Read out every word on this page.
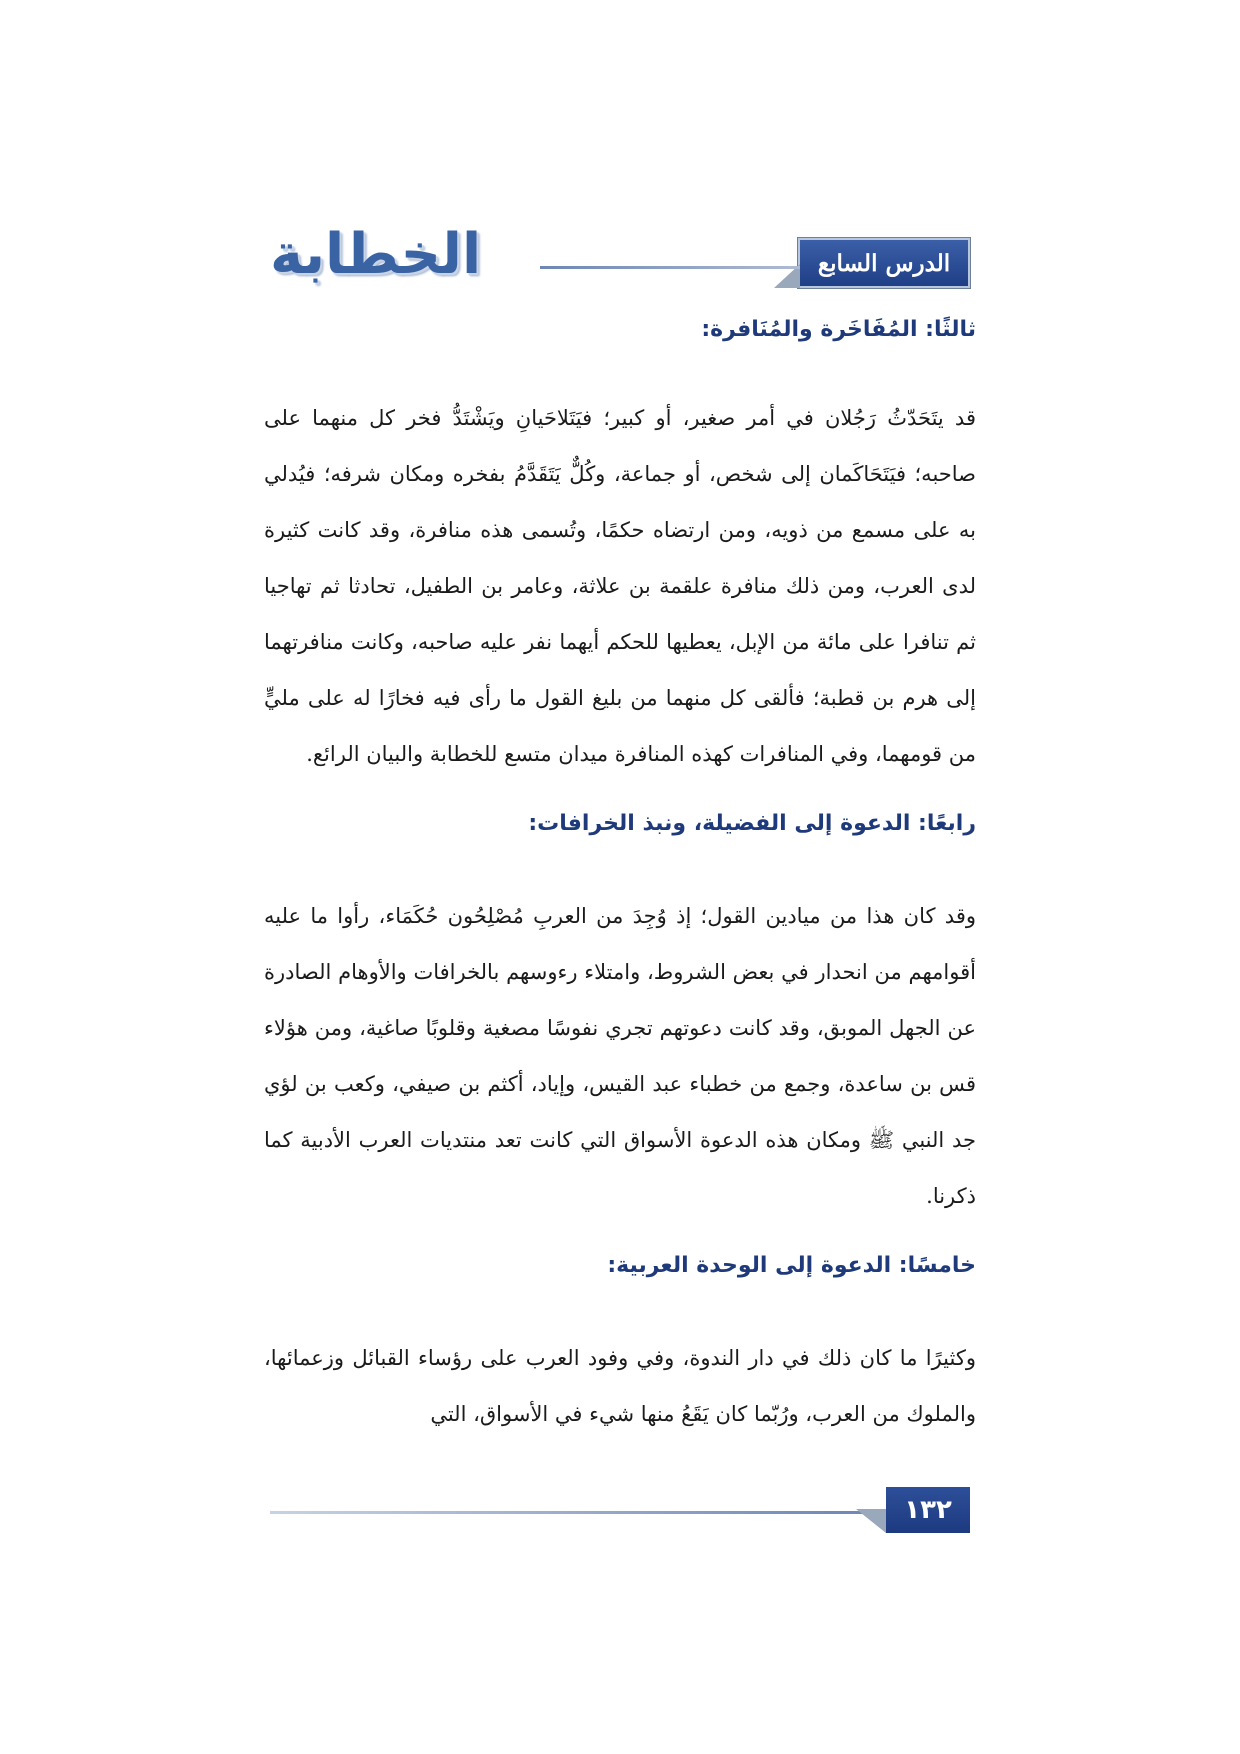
الدرس السابع
الخطابة
ثالثًا: المُفَاخَرة والمُنَافرة:

قد يتَحَدّثُ رَجُلان في أمر صغير، أو كبير؛ فيَتَلاحَيانِ ويَشْتَدُّ فخر كل منهما على صاحبه؛ فيَتَحَاكَمان إلى شخص، أو جماعة، وكُلٌّ يَتَقَدَّمُ بفخره ومكان شرفه؛ فيُدلي به على مسمع من ذويه، ومن ارتضاه حكمًا، وتُسمى هذه منافرة، وقد كانت كثيرة لدى العرب، ومن ذلك منافرة علقمة بن علاثة، وعامر بن الطفيل، تحادثا ثم تهاجيا ثم تنافرا على مائة من الإبل، يعطيها للحكم أيهما نفر عليه صاحبه، وكانت منافرتهما إلى هرم بن قطبة؛ فألقى كل منهما من بليغ القول ما رأى فيه فخارًا له على مليٍّ من قومهما، وفي المنافرات كهذه المنافرة ميدان متسع للخطابة والبيان الرائع.

رابعًا: الدعوة إلى الفضيلة، ونبذ الخرافات:

وقد كان هذا من ميادين القول؛ إذ وُجِدَ من العربِ مُصْلِحُون حُكَمَاء، رأوا ما عليه أقوامهم من انحدار في بعض الشروط، وامتلاء رءوسهم بالخرافات والأوهام الصادرة عن الجهل الموبق، وقد كانت دعوتهم تجري نفوسًا مصغية وقلوبًا صاغية، ومن هؤلاء قس بن ساعدة، وجمع من خطباء عبد القيس، وإياد، أكثم بن صيفي، وكعب بن لؤي جد النبي ﷺ ومكان هذه الدعوة الأسواق التي كانت تعد منتديات العرب الأدبية كما ذكرنا.

خامسًا: الدعوة إلى الوحدة العربية:

وكثيرًا ما كان ذلك في دار الندوة، وفي وفود العرب على رؤساء القبائل وزعمائها، والملوك من العرب، ورُبّما كان يَقَعُ منها شيء في الأسواق، التي

١٣٢
